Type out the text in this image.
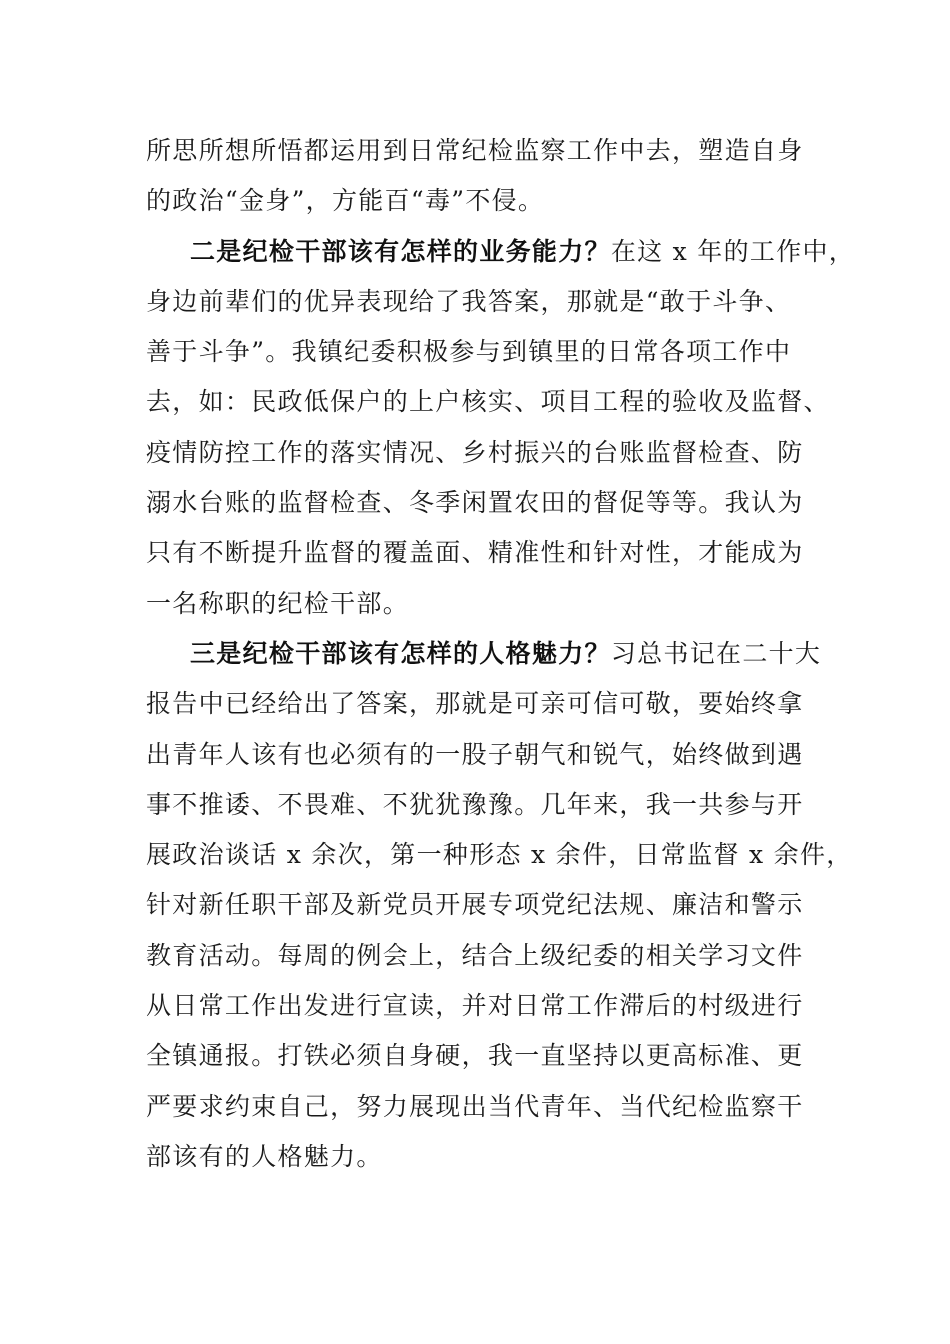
所思所想所悟都运用到日常纪检监察工作中去，塑造自身
的政治“金身”，方能百“毒”不侵。
二是纪检干部该有怎样的业务能力？在这 x 年的工作中，
身边前辈们的优异表现给了我答案，那就是“敢于斗争、
善于斗争”。我镇纪委积极参与到镇里的日常各项工作中
去，如：民政低保户的上户核实、项目工程的验收及监督、
疫情防控工作的落实情况、乡村振兴的台账监督检查、防
溺水台账的监督检查、冬季闲置农田的督促等等。我认为
只有不断提升监督的覆盖面、精准性和针对性，才能成为
一名称职的纪检干部。
三是纪检干部该有怎样的人格魅力？习总书记在二十大
报告中已经给出了答案，那就是可亲可信可敬，要始终拿
出青年人该有也必须有的一股子朝气和锐气，始终做到遇
事不推诿、不畏难、不犹犹豫豫。几年来，我一共参与开
展政治谈话 x 余次，第一种形态 x 余件，日常监督 x 余件，
针对新任职干部及新党员开展专项党纪法规、廉洁和警示
教育活动。每周的例会上，结合上级纪委的相关学习文件
从日常工作出发进行宣读，并对日常工作滞后的村级进行
全镇通报。打铁必须自身硬，我一直坚持以更高标准、更
严要求约束自己，努力展现出当代青年、当代纪检监察干
部该有的人格魅力。
